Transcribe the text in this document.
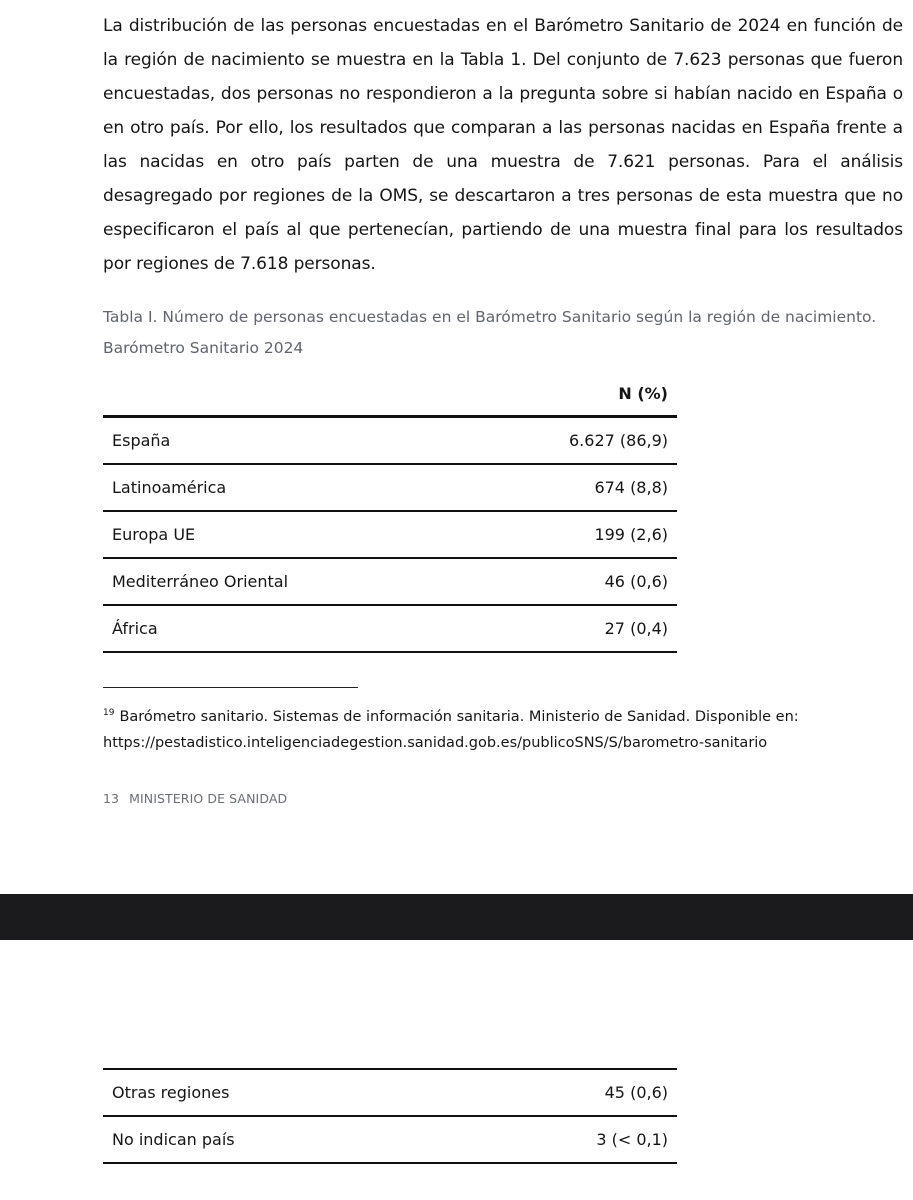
La distribución de las personas encuestadas en el Barómetro Sanitario de 2024 en función de la región de nacimiento se muestra en la Tabla 1. Del conjunto de 7.623 personas que fueron encuestadas, dos personas no respondieron a la pregunta sobre si habían nacido en España o en otro país. Por ello, los resultados que comparan a las personas nacidas en España frente a las nacidas en otro país parten de una muestra de 7.621 personas. Para el análisis desagregado por regiones de la OMS, se descartaron a tres personas de esta muestra que no especificaron el país al que pertenecían, partiendo de una muestra final para los resultados por regiones de 7.618 personas.

Tabla I. Número de personas encuestadas en el Barómetro Sanitario según la región de nacimiento. Barómetro Sanitario 2024

	N (%)
España	6.627 (86,9)
Latinoamérica	674 (8,8)
Europa UE	199 (2,6)
Mediterráneo Oriental	46 (0,6)
África	27 (0,4)

$^{19}$ Barómetro sanitario. Sistemas de información sanitaria. Ministerio de Sanidad. Disponible en:
https://pestadistico.inteligenciadegestion.sanidad.gob.es/publicoSNS/S/barometro-sanitario

13 MINISTERIO DE SANIDAD
Otras regiones	45 (0,6)
No indican país	3 (< 0,1)
